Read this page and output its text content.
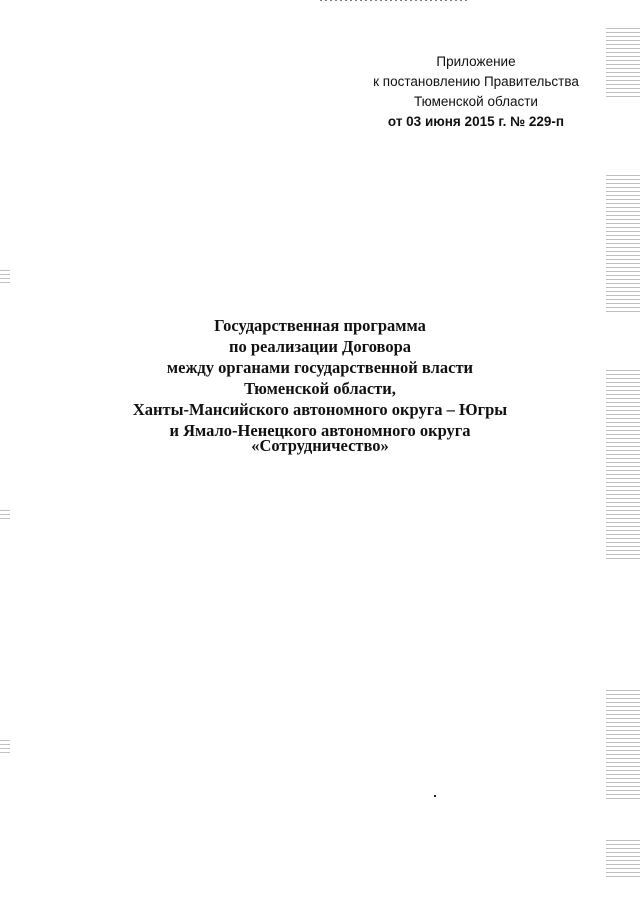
Приложение
к постановлению Правительства
Тюменской области
от 03 июня 2015 г. № 229-п
Государственная программа
по реализации Договора
между органами государственной власти
Тюменской области,
Ханты-Мансийского автономного округа – Югры
и Ямало-Ненецкого автономного округа
«Сотрудничество»
